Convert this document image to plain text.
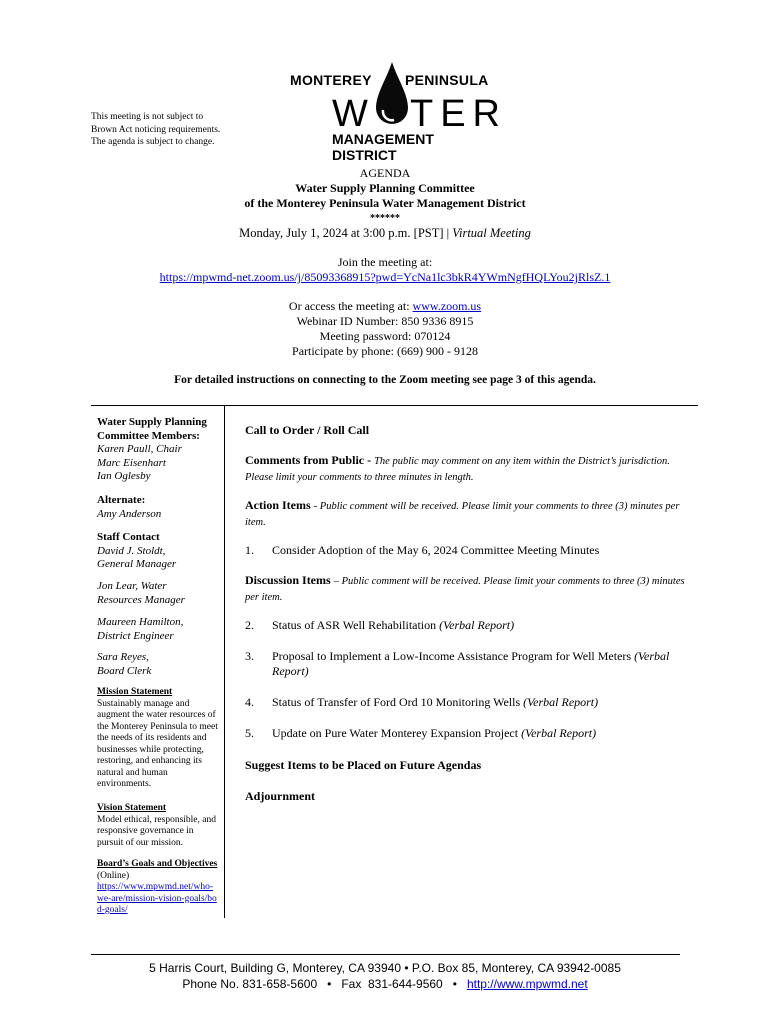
This meeting is not subject to
Brown Act noticing requirements.
The agenda is subject to change.
MONTEREY PENINSULA
W TER
MANAGEMENT DISTRICT
AGENDA
Water Supply Planning Committee
of the Monterey Peninsula Water Management District
******
Monday, July 1, 2024 at 3:00 p.m. [PST] | Virtual Meeting
Join the meeting at:
https://mpwmd-net.zoom.us/j/85093368915?pwd=YcNa1lc3bkR4YWmNgfHQLYou2jRlsZ.1
Or access the meeting at: www.zoom.us
Webinar ID Number: 850 9336 8915
Meeting password: 070124
Participate by phone: (669) 900 - 9128
For detailed instructions on connecting to the Zoom meeting see page 3 of this agenda.
Water Supply Planning Committee Members:
Karen Paull, Chair
Marc Eisenhart
Ian Oglesby
Alternate:
Amy Anderson
Staff Contact
David J. Stoldt,
General Manager
Jon Lear, Water
Resources Manager
Maureen Hamilton,
District Engineer
Sara Reyes,
Board Clerk
Mission Statement
Sustainably manage and augment the water resources of the Monterey Peninsula to meet the needs of its residents and businesses while protecting, restoring, and enhancing its natural and human environments.
Vision Statement
Model ethical, responsible, and responsive governance in pursuit of our mission.
Board’s Goals and Objectives (Online)
https://www.mpwmd.net/who-we-are/mission-vision-goals/bod-goals/
Call to Order / Roll Call
Comments from Public - The public may comment on any item within the District’s jurisdiction. Please limit your comments to three minutes in length.
Action Items - Public comment will be received. Please limit your comments to three (3) minutes per item.
1. Consider Adoption of the May 6, 2024 Committee Meeting Minutes
Discussion Items – Public comment will be received. Please limit your comments to three (3) minutes per item.
2. Status of ASR Well Rehabilitation (Verbal Report)
3. Proposal to Implement a Low-Income Assistance Program for Well Meters (Verbal Report)
4. Status of Transfer of Ford Ord 10 Monitoring Wells (Verbal Report)
5. Update on Pure Water Monterey Expansion Project (Verbal Report)
Suggest Items to be Placed on Future Agendas
Adjournment
5 Harris Court, Building G, Monterey, CA 93940 • P.O. Box 85, Monterey, CA 93942-0085
Phone No. 831-658-5600   •   Fax  831-644-9560   •   http://www.mpwmd.net
